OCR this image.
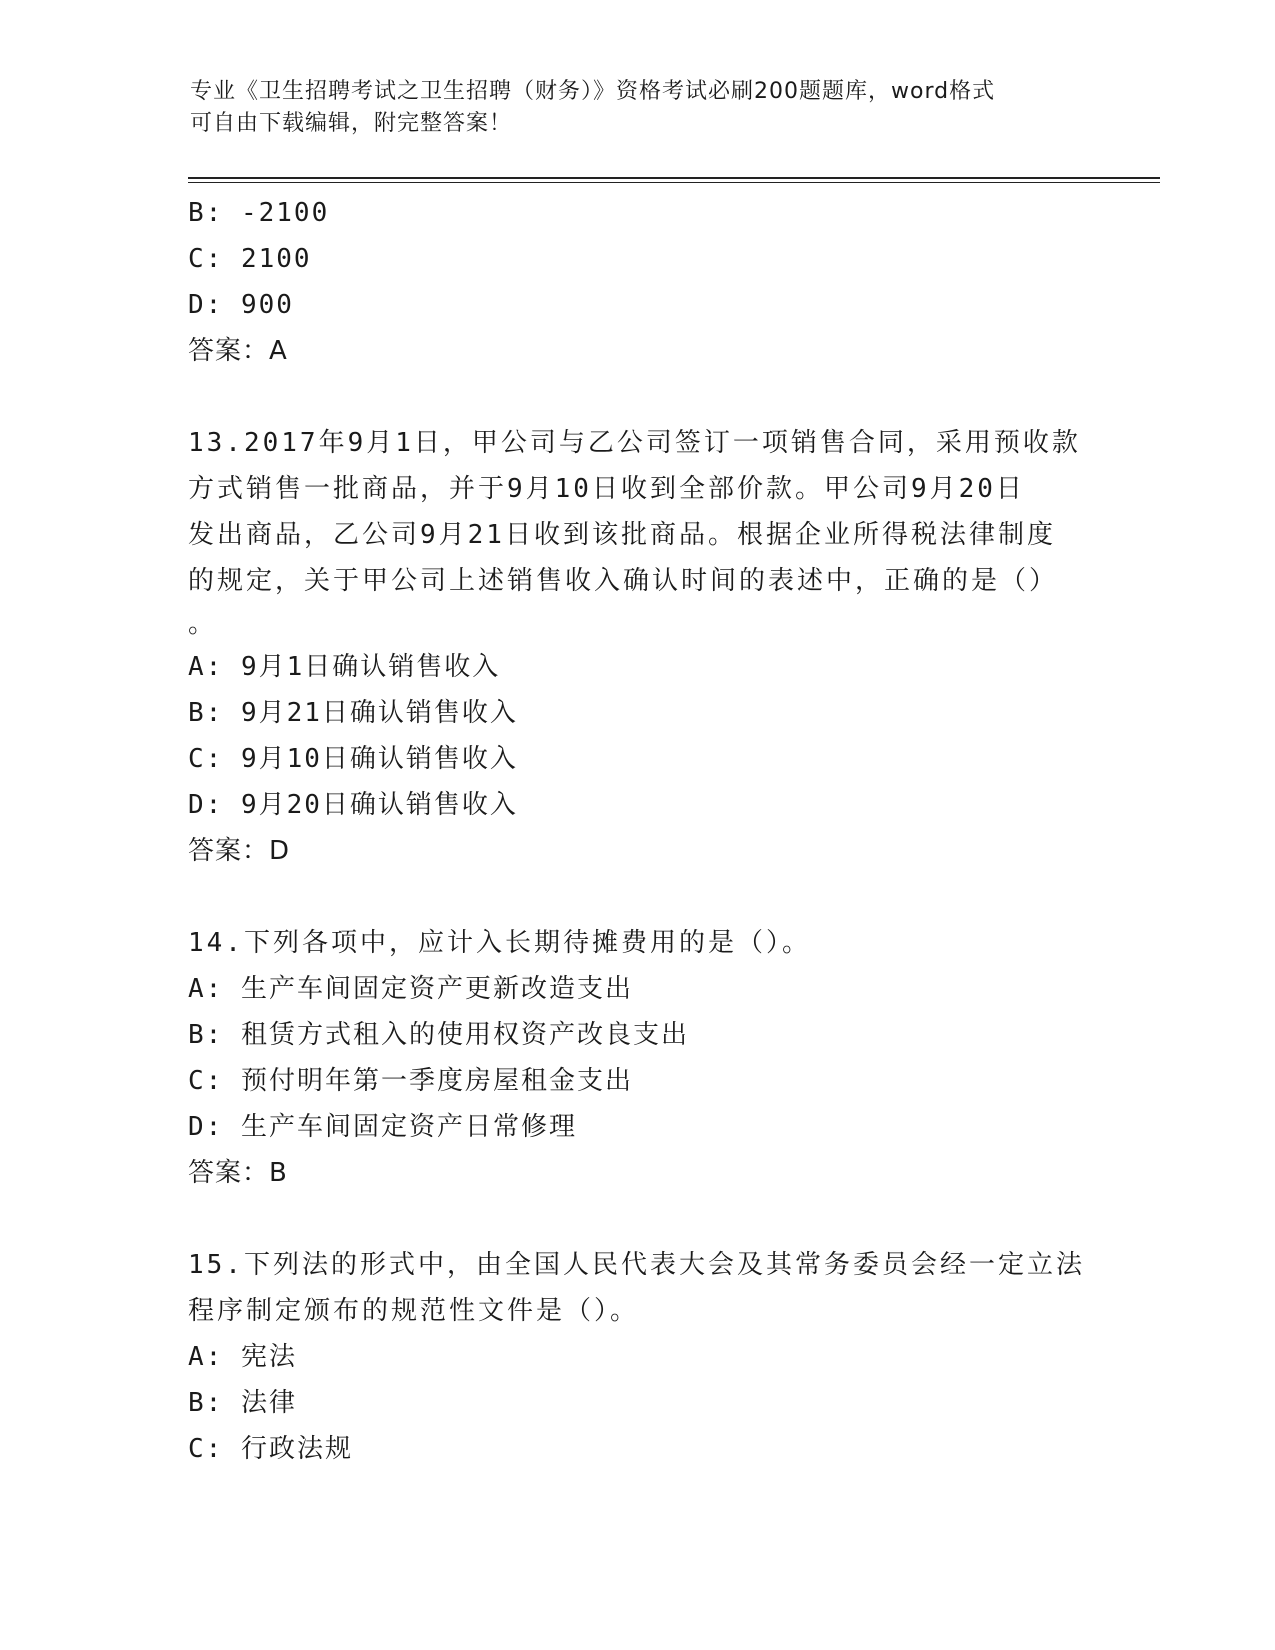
专业《卫生招聘考试之卫生招聘（财务）》资格考试必刷200题题库，word格式
可自由下载编辑，附完整答案！
B: -2100
C: 2100
D: 900
答案：A
13.2017年9月1日，甲公司与乙公司签订一项销售合同，采用预收款
方式销售一批商品，并于9月10日收到全部价款。甲公司9月20日
发出商品，乙公司9月21日收到该批商品。根据企业所得税法律制度
的规定，关于甲公司上述销售收入确认时间的表述中，正确的是（）
。
A: 9月1日确认销售收入
B: 9月21日确认销售收入
C: 9月10日确认销售收入
D: 9月20日确认销售收入
答案：D
14.下列各项中，应计入长期待摊费用的是（）。
A: 生产车间固定资产更新改造支出
B: 租赁方式租入的使用权资产改良支出
C: 预付明年第一季度房屋租金支出
D: 生产车间固定资产日常修理
答案：B
15.下列法的形式中，由全国人民代表大会及其常务委员会经一定立法
程序制定颁布的规范性文件是（）。
A: 宪法
B: 法律
C: 行政法规
